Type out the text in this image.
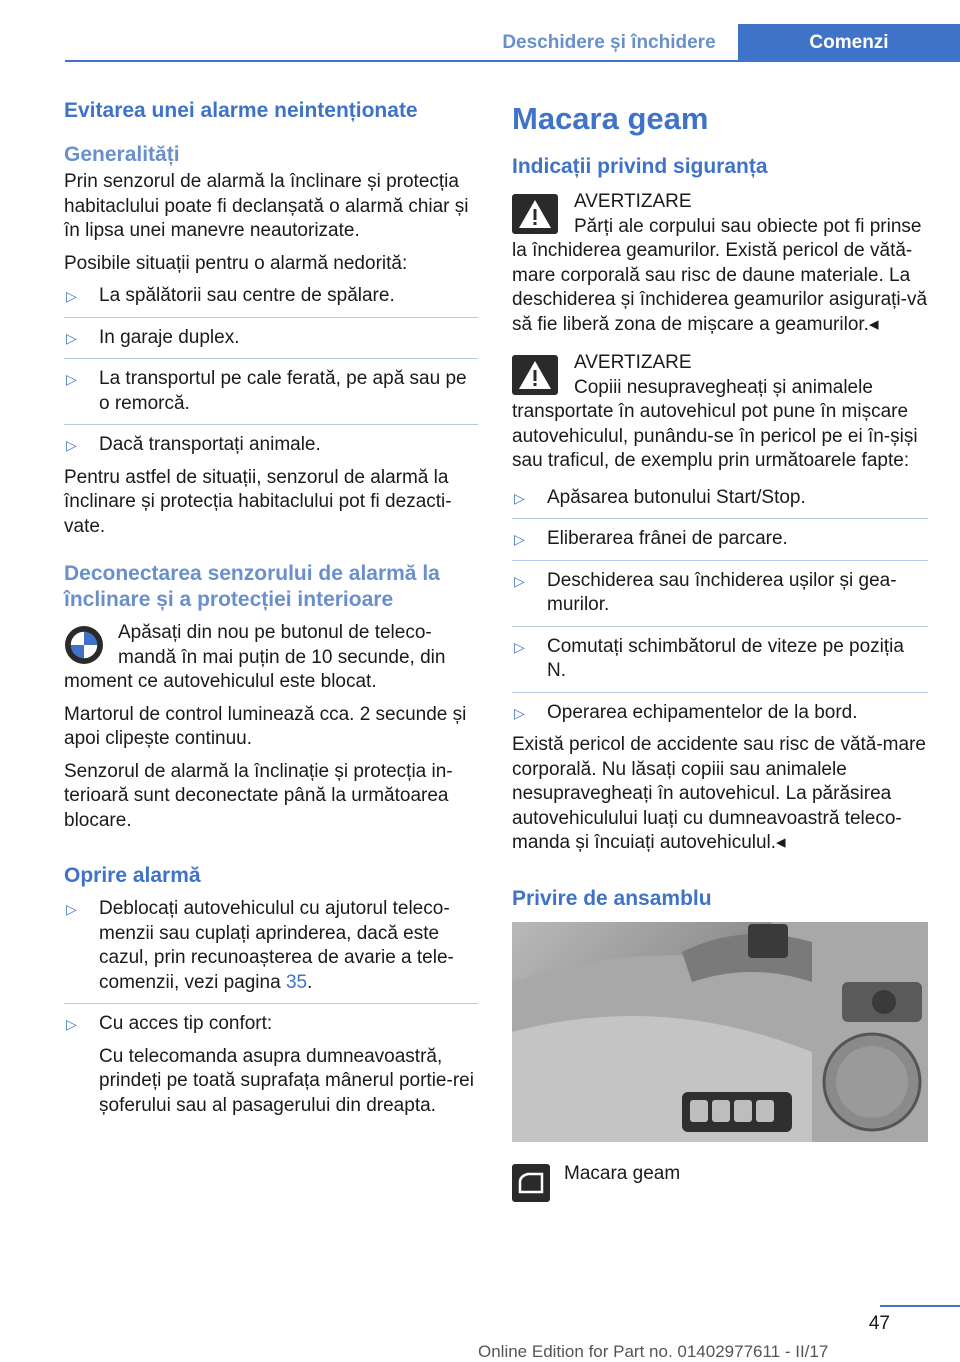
Deschidere și închidere	Comenzi
Evitarea unei alarme neintenționate
Generalități

Prin senzorul de alarmă la înclinare și protecția habitaclului poate fi declanșată o alarmă chiar și în lipsa unei manevre neautorizate.

Posibile situații pentru o alarmă nedorită:

▷ La spălătorii sau centre de spălare.
▷ In garaje duplex.
▷ La transportul pe cale ferată, pe apă sau pe o remorcă.
▷ Dacă transportați animale.

Pentru astfel de situații, senzorul de alarmă la înclinare și protecția habitaclului pot fi dezacti-vate.

Deconectarea senzorului de alarmă la înclinare și a protecției interioare

Apăsați din nou pe butonul de teleco-mandă în mai puțin de 10 secunde, din moment ce autovehiculul este blocat.

Martorul de control luminează cca. 2 secunde și apoi clipește continuu.

Senzorul de alarmă la înclinație și protecția in-terioară sunt deconectate până la următoarea blocare.

Oprire alarmă
▷ Deblocați autovehiculul cu ajutorul teleco-menzii sau cuplați aprinderea, dacă este cazul, prin recunoașterea de avarie a tele-comenzii, vezi pagina 35.
▷ Cu acces tip confort:
Cu telecomanda asupra dumneavoastră, prindeți pe toată suprafața mânerul portie-rei șoferului sau al pasagerului din dreapta.
Macara geam
Indicații privind siguranța
AVERTIZARE
Părți ale corpului sau obiecte pot fi prinse la închiderea geamurilor. Există pericol de vătă-mare corporală sau risc de daune materiale. La deschiderea și închiderea geamurilor asigurați-vă să fie liberă zona de mișcare a geamurilor.◂
AVERTIZARE
Copiii nesupravegheați și animalele transportate în autovehicul pot pune în mișcare autovehiculul, punându-se în pericol pe ei în-șiși sau traficul, de exemplu prin următoarele fapte:
▷ Apăsarea butonului Start/Stop.
▷ Eliberarea frânei de parcare.
▷ Deschiderea sau închiderea ușilor și gea-murilor.
▷ Comutați schimbătorul de viteze pe poziția N.
▷ Operarea echipamentelor de la bord.

Există pericol de accidente sau risc de vătă-mare corporală. Nu lăsați copiii sau animalele nesupravegheați în autovehicul. La părăsirea autovehiculului luați cu dumneavoastră teleco-manda și încuiați autovehiculul.◂

Privire de ansamblu
Macara geam
47
Online Edition for Part no. 01402977611 - II/17
